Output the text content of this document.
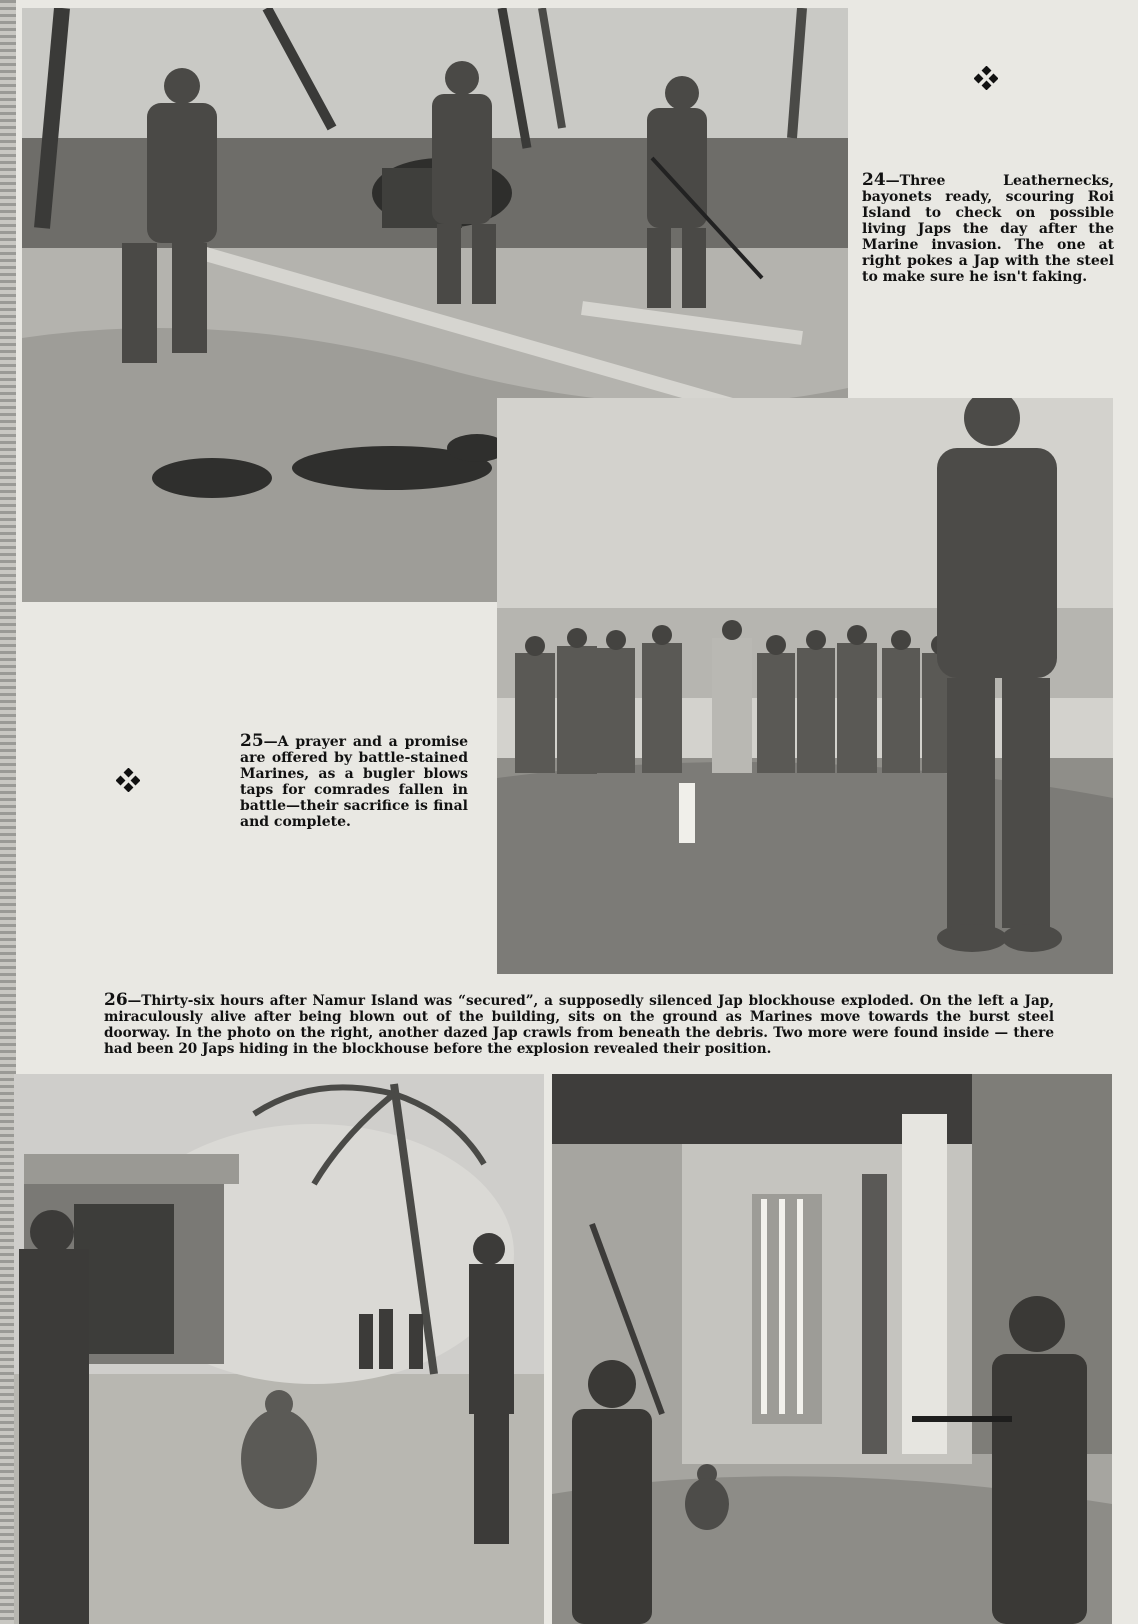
24—Three Leathernecks, bayonets ready, scouring Roi Island to check on possible living Japs the day after the Marine invasion. The one at right pokes a Jap with the steel to make sure he isn't faking.

25—A prayer and a promise are offered by battle-stained Marines, as a bugler blows taps for comrades fallen in battle—their sacrifice is final and complete.

26—Thirty-six hours after Namur Island was “secured”, a supposedly silenced Jap blockhouse exploded. On the left a Jap, miraculously alive after being blown out of the building, sits on the ground as Marines move towards the burst steel doorway. In the photo on the right, another dazed Jap crawls from beneath the debris. Two more were found inside — there had been 20 Japs hiding in the blockhouse before the explosion revealed their position.
